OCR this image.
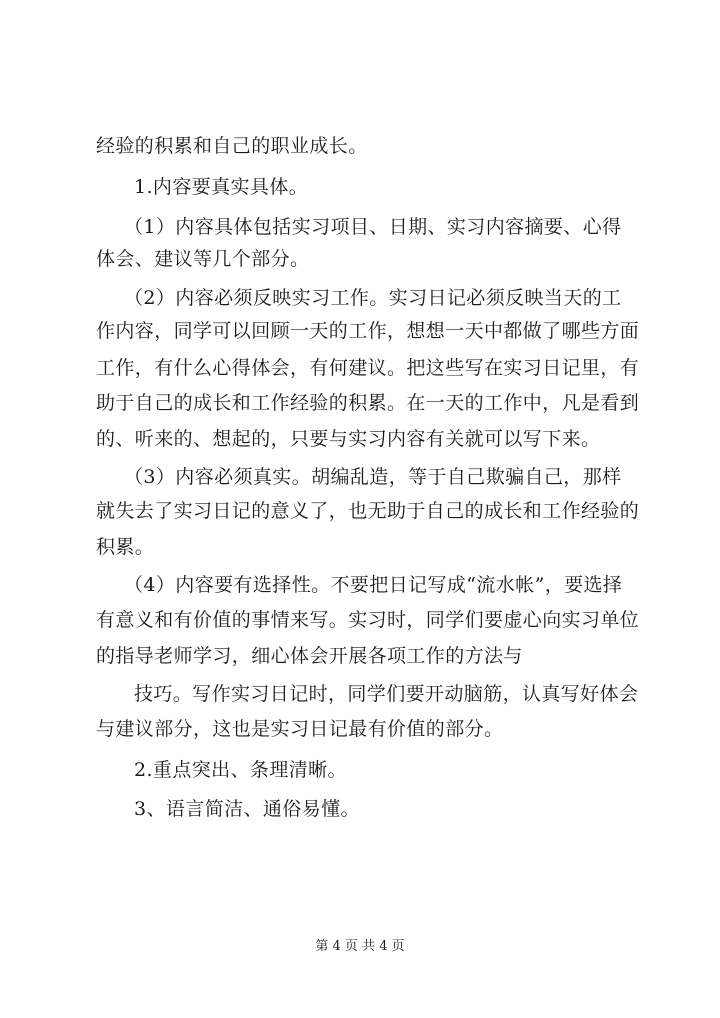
经验的积累和自己的职业成长。
1.内容要真实具体。
（1）内容具体包括实习项目、日期、实习内容摘要、心得
体会、建议等几个部分。
（2）内容必须反映实习工作。实习日记必须反映当天的工
作内容，同学可以回顾一天的工作，想想一天中都做了哪些方面
工作，有什么心得体会，有何建议。把这些写在实习日记里，有
助于自己的成长和工作经验的积累。在一天的工作中，凡是看到
的、听来的、想起的，只要与实习内容有关就可以写下来。
（3）内容必须真实。胡编乱造，等于自己欺骗自己，那样
就失去了实习日记的意义了，也无助于自己的成长和工作经验的
积累。
（4）内容要有选择性。不要把日记写成“流水帐”，要选择
有意义和有价值的事情来写。实习时，同学们要虚心向实习单位
的指导老师学习，细心体会开展各项工作的方法与
技巧。写作实习日记时，同学们要开动脑筋，认真写好体会
与建议部分，这也是实习日记最有价值的部分。
2.重点突出、条理清晰。
3、语言简洁、通俗易懂。
第 4 页 共 4 页
